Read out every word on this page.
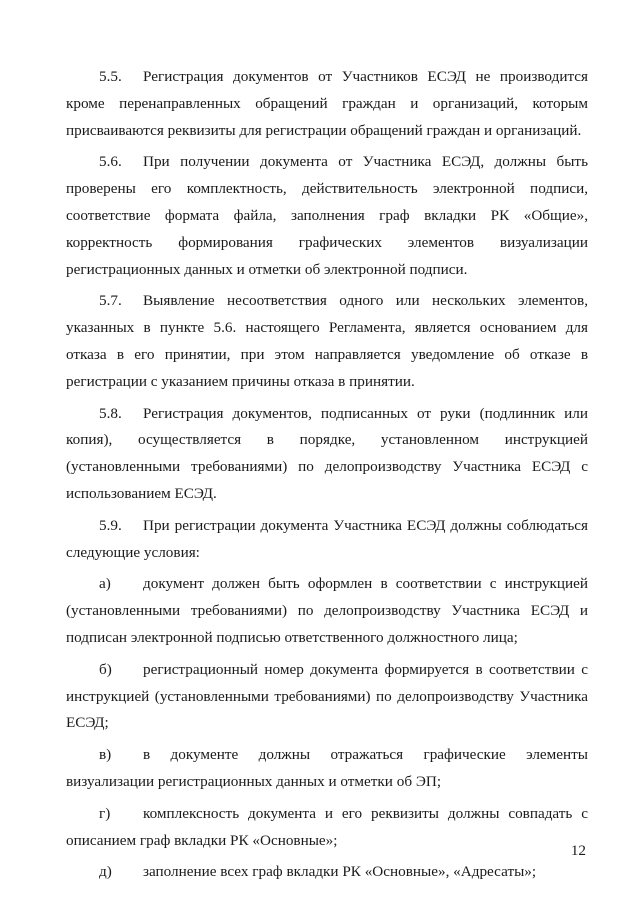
5.5. Регистрация документов от Участников ЕСЭД не производится кроме перенаправленных обращений граждан и организаций, которым присваиваются реквизиты для регистрации обращений граждан и организаций.

5.6. При получении документа от Участника ЕСЭД, должны быть проверены его комплектность, действительность электронной подписи, соответствие формата файла, заполнения граф вкладки РК «Общие», корректность формирования графических элементов визуализации регистрационных данных и отметки об электронной подписи.

5.7. Выявление несоответствия одного или нескольких элементов, указанных в пункте 5.6. настоящего Регламента, является основанием для отказа в его принятии, при этом направляется уведомление об отказе в регистрации с указанием причины отказа в принятии.

5.8. Регистрация документов, подписанных от руки (подлинник или копия), осуществляется в порядке, установленном инструкцией (установленными требованиями) по делопроизводству Участника ЕСЭД с использованием ЕСЭД.

5.9. При регистрации документа Участника ЕСЭД должны соблюдаться следующие условия:

а) документ должен быть оформлен в соответствии с инструкцией (установленными требованиями) по делопроизводству Участника ЕСЭД и подписан электронной подписью ответственного должностного лица;

б) регистрационный номер документа формируется в соответствии с инструкцией (установленными требованиями) по делопроизводству Участника ЕСЭД;

в) в документе должны отражаться графические элементы визуализации регистрационных данных и отметки об ЭП;

г) комплексность документа и его реквизиты должны совпадать с описанием граф вкладки РК «Основные»;

д) заполнение всех граф вкладки РК «Основные», «Адресаты»;

12
